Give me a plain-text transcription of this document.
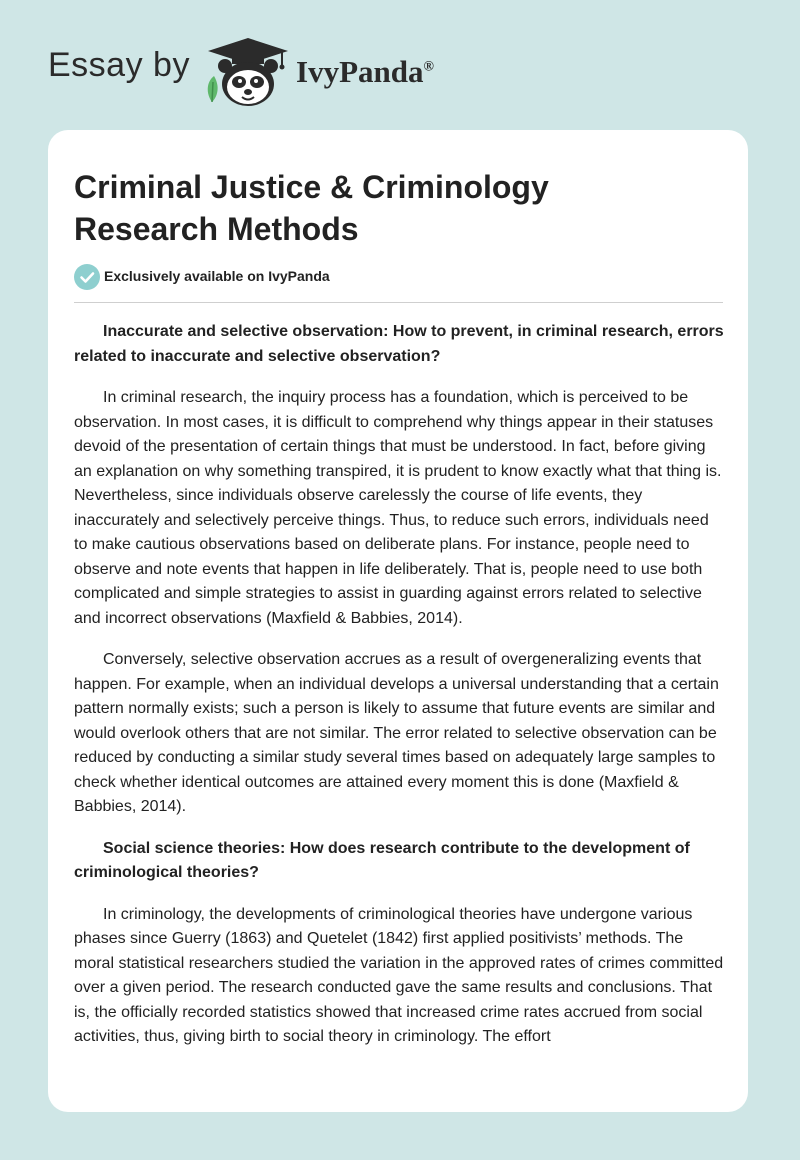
Essay by	IvyPanda®
Criminal Justice & Criminology Research Methods
Exclusively available on IvyPanda

Inaccurate and selective observation: How to prevent, in criminal research, errors related to inaccurate and selective observation?

In criminal research, the inquiry process has a foundation, which is perceived to be observation. In most cases, it is difficult to comprehend why things appear in their statuses devoid of the presentation of certain things that must be understood. In fact, before giving an explanation on why something transpired, it is prudent to know exactly what that thing is. Nevertheless, since individuals observe carelessly the course of life events, they inaccurately and selectively perceive things. Thus, to reduce such errors, individuals need to make cautious observations based on deliberate plans. For instance, people need to observe and note events that happen in life deliberately. That is, people need to use both complicated and simple strategies to assist in guarding against errors related to selective and incorrect observations (Maxfield & Babbies, 2014).

Conversely, selective observation accrues as a result of overgeneralizing events that happen. For example, when an individual develops a universal understanding that a certain pattern normally exists; such a person is likely to assume that future events are similar and would overlook others that are not similar. The error related to selective observation can be reduced by conducting a similar study several times based on adequately large samples to check whether identical outcomes are attained every moment this is done (Maxfield & Babbies, 2014).

Social science theories: How does research contribute to the development of criminological theories?

In criminology, the developments of criminological theories have undergone various phases since Guerry (1863) and Quetelet (1842) first applied positivists’ methods. The moral statistical researchers studied the variation in the approved rates of crimes committed over a given period. The research conducted gave the same results and conclusions. That is, the officially recorded statistics showed that increased crime rates accrued from social activities, thus, giving birth to social theory in criminology. The effort
